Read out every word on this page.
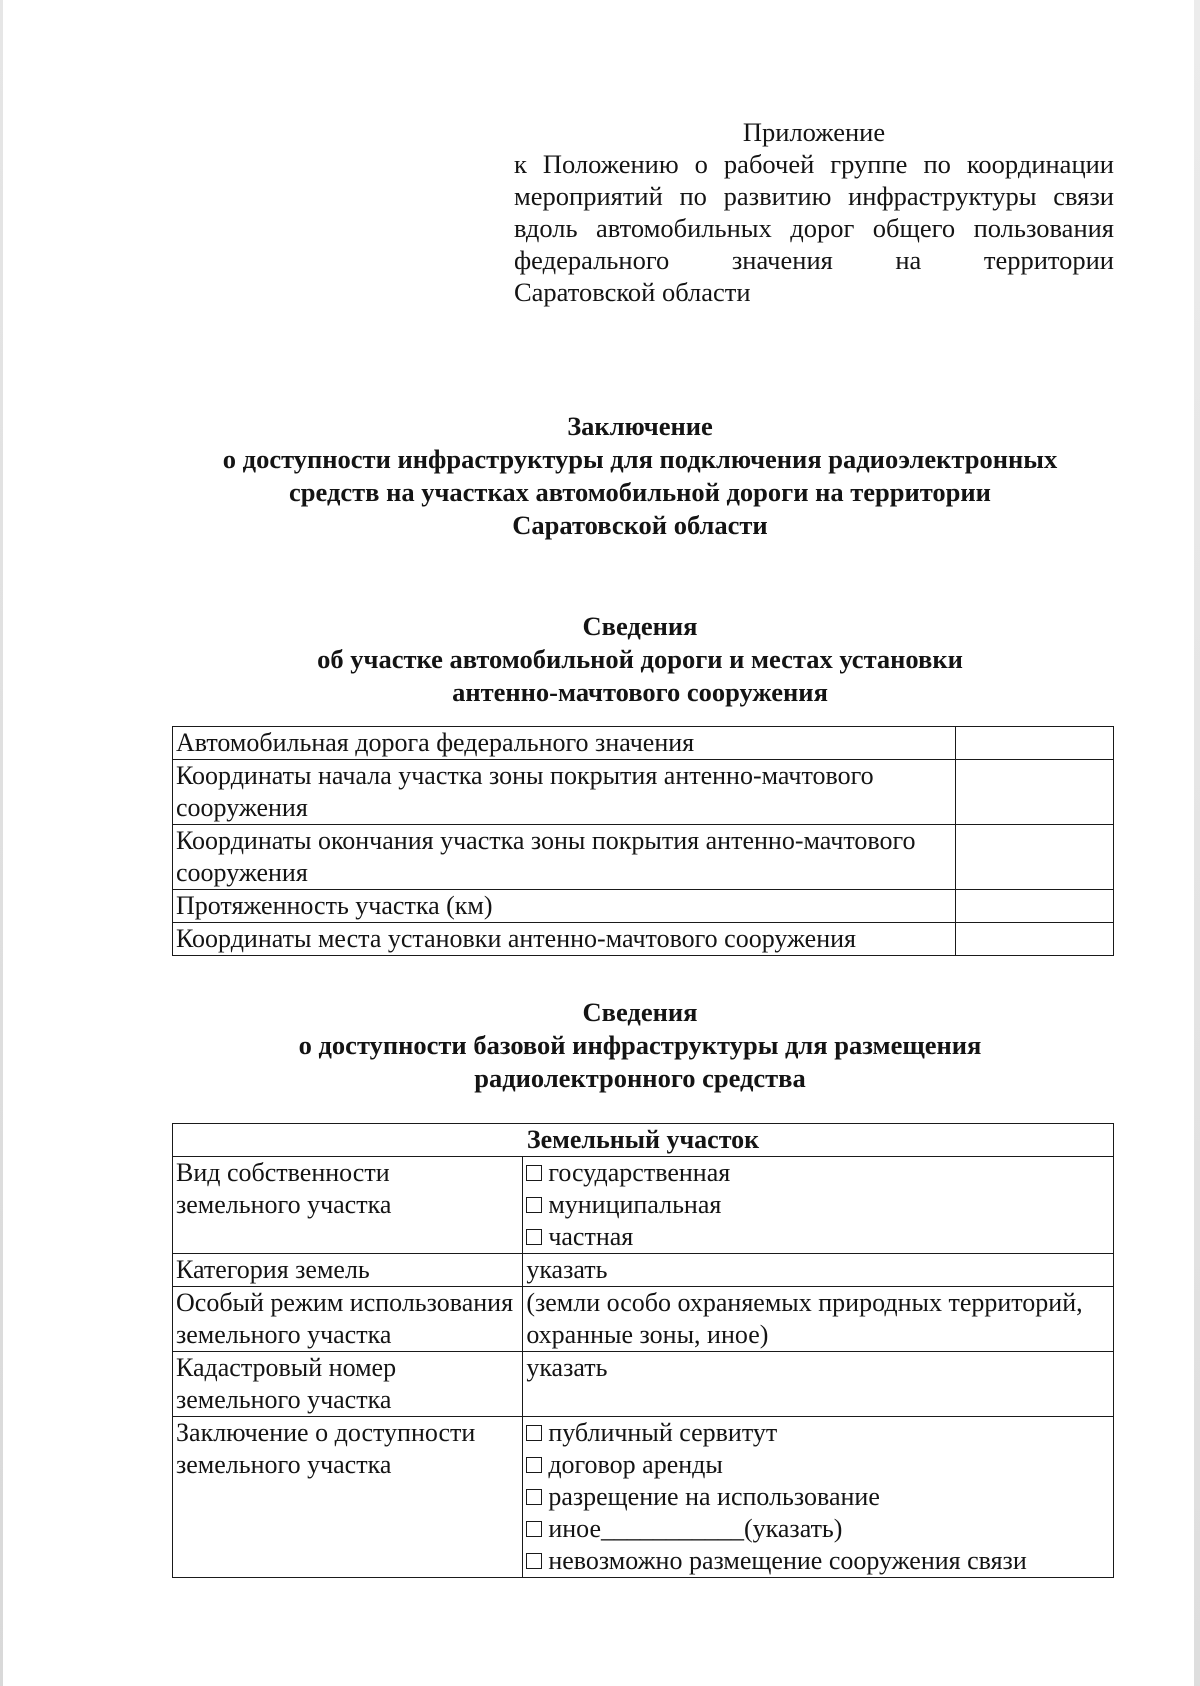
Приложение
к Положению о рабочей группе по координации
мероприятий по развитию инфраструктуры связи
вдоль автомобильных дорог общего пользования
федерального значения на территории
Саратовской области
Заключение
о доступности инфраструктуры для подключения радиоэлектронных
средств на участках автомобильной дороги на территории
Саратовской области
Сведения
об участке автомобильной дороги и местах установки
антенно-мачтового сооружения
Автомобильная дорога федерального значения	
Координаты начала участка зоны покрытия антенно-мачтового сооружения	
Координаты окончания участка зоны покрытия антенно-мачтового сооружения	
Протяженность участка (км)	
Координаты места установки антенно-мачтового сооружения	
Сведения
о доступности базовой инфраструктуры для размещения
радиолектронного средства
Земельный участок	
Вид собственности земельного участка	государственная
муниципальная
частная

Категория земель	указать
Особый режим использования земельного участка	(земли особо охраняемых природных территорий, охранные зоны, иное)
Кадастровый номер земельного участка	указать
Заключение о доступности земельного участка	публичный сервитут
договор аренды
разрещение на использование
иное___________(указать)
невозможно размещение сооружения связи
